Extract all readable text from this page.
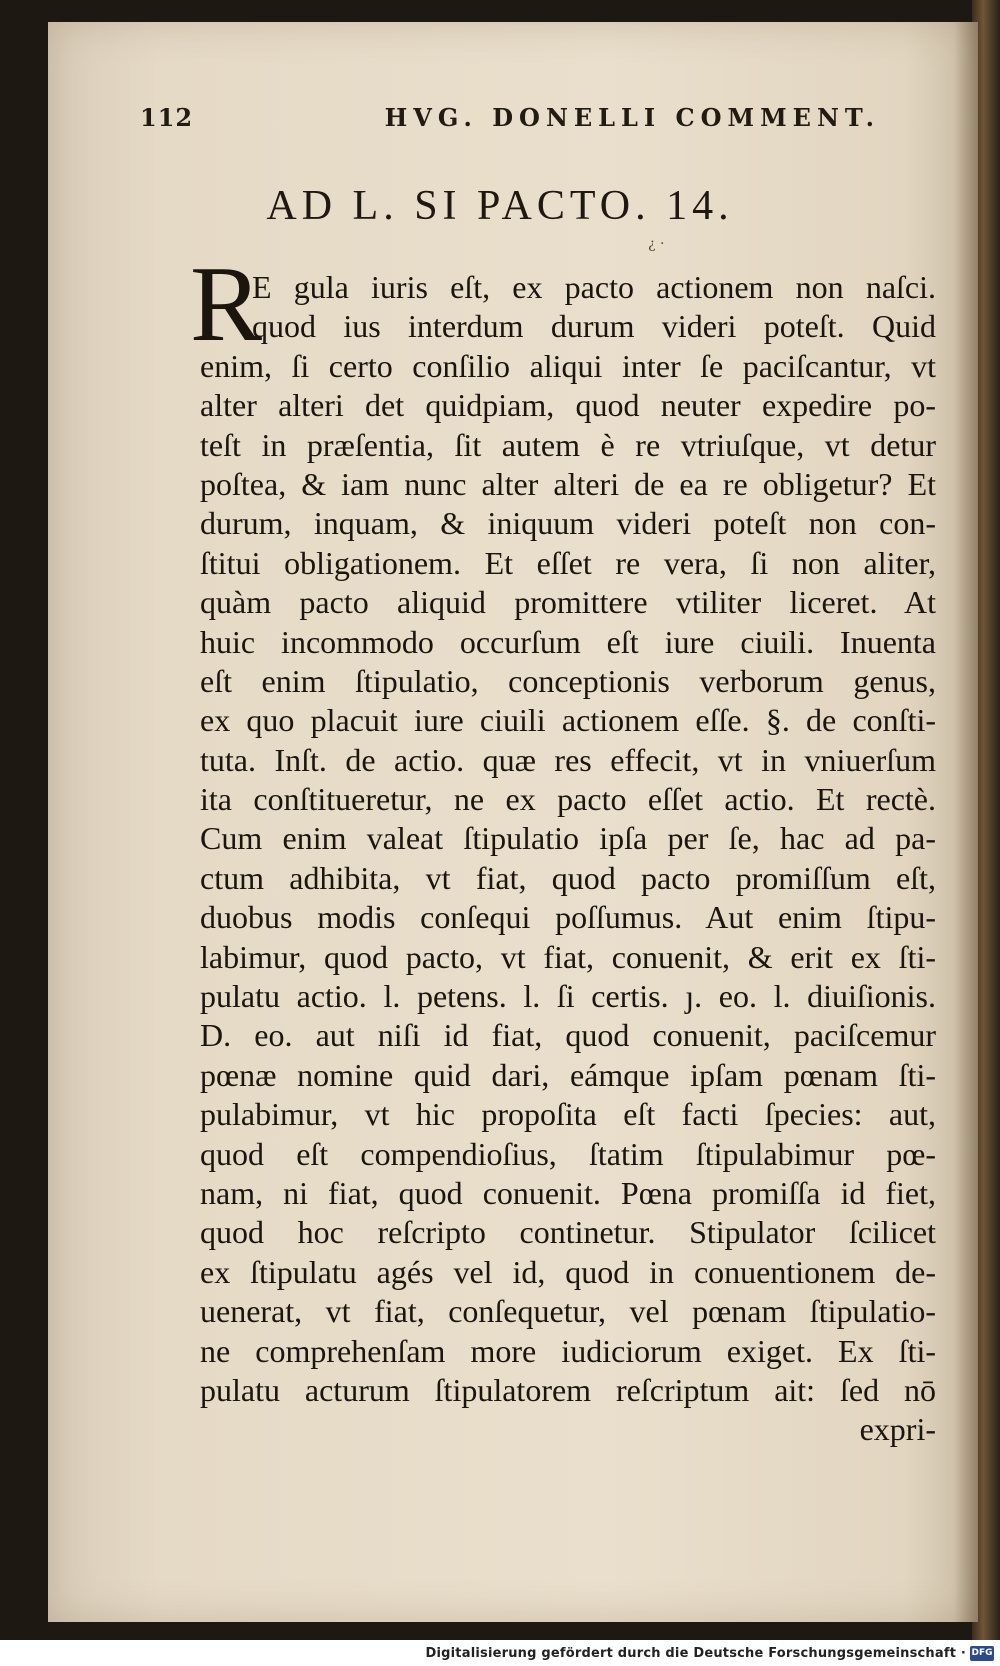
112	HVG. DONELLI COMMENT.
AD L. SI PACTO. 14.
¿ ·
R
E gula iuris eſt, ex pacto actionem non naſci.
quod ius interdum durum videri poteſt. Quid
enim, ſi certo conſilio aliqui inter ſe paciſcantur, vt
alter alteri det quidpiam, quod neuter expedire po-
teſt in præſentia, ſit autem è re vtriuſque, vt detur
poſtea, & iam nunc alter alteri de ea re obligetur? Et
durum, inquam, & iniquum videri poteſt non con-
ſtitui obligationem. Et eſſet re vera, ſi non aliter,
quàm pacto aliquid promittere vtiliter liceret. At
huic incommodo occurſum eſt iure ciuili. Inuenta
eſt enim ſtipulatio, conceptionis verborum genus,
ex quo placuit iure ciuili actionem eſſe. §. de conſti-
tuta. Inſt. de actio. quæ res effecit, vt in vniuerſum
ita conſtitueretur, ne ex pacto eſſet actio. Et rectè.
Cum enim valeat ſtipulatio ipſa per ſe, hac ad pa-
ctum adhibita, vt fiat, quod pacto promiſſum eſt,
duobus modis conſequi poſſumus. Aut enim ſtipu-
labimur, quod pacto, vt fiat, conuenit, & erit ex ſti-
pulatu actio. l. petens. l. ſi certis. ȷ. eo. l. diuiſionis.
D. eo. aut niſi id fiat, quod conuenit, paciſcemur
pœnæ nomine quid dari, eámque ipſam pœnam ſti-
pulabimur, vt hic propoſita eſt facti ſpecies: aut,
quod eſt compendioſius, ſtatim ſtipulabimur pœ-
nam, ni fiat, quod conuenit. Pœna promiſſa id fiet,
quod hoc reſcripto continetur. Stipulator ſcilicet
ex ſtipulatu agés vel id, quod in conuentionem de-
uenerat, vt fiat, conſequetur, vel pœnam ſtipulatio-
ne comprehenſam more iudiciorum exiget. Ex ſti-
pulatu acturum ſtipulatorem reſcriptum ait: ſed nō
expri-
Digitalisierung gefördert durch die Deutsche Forschungsgemeinschaft · DFG
